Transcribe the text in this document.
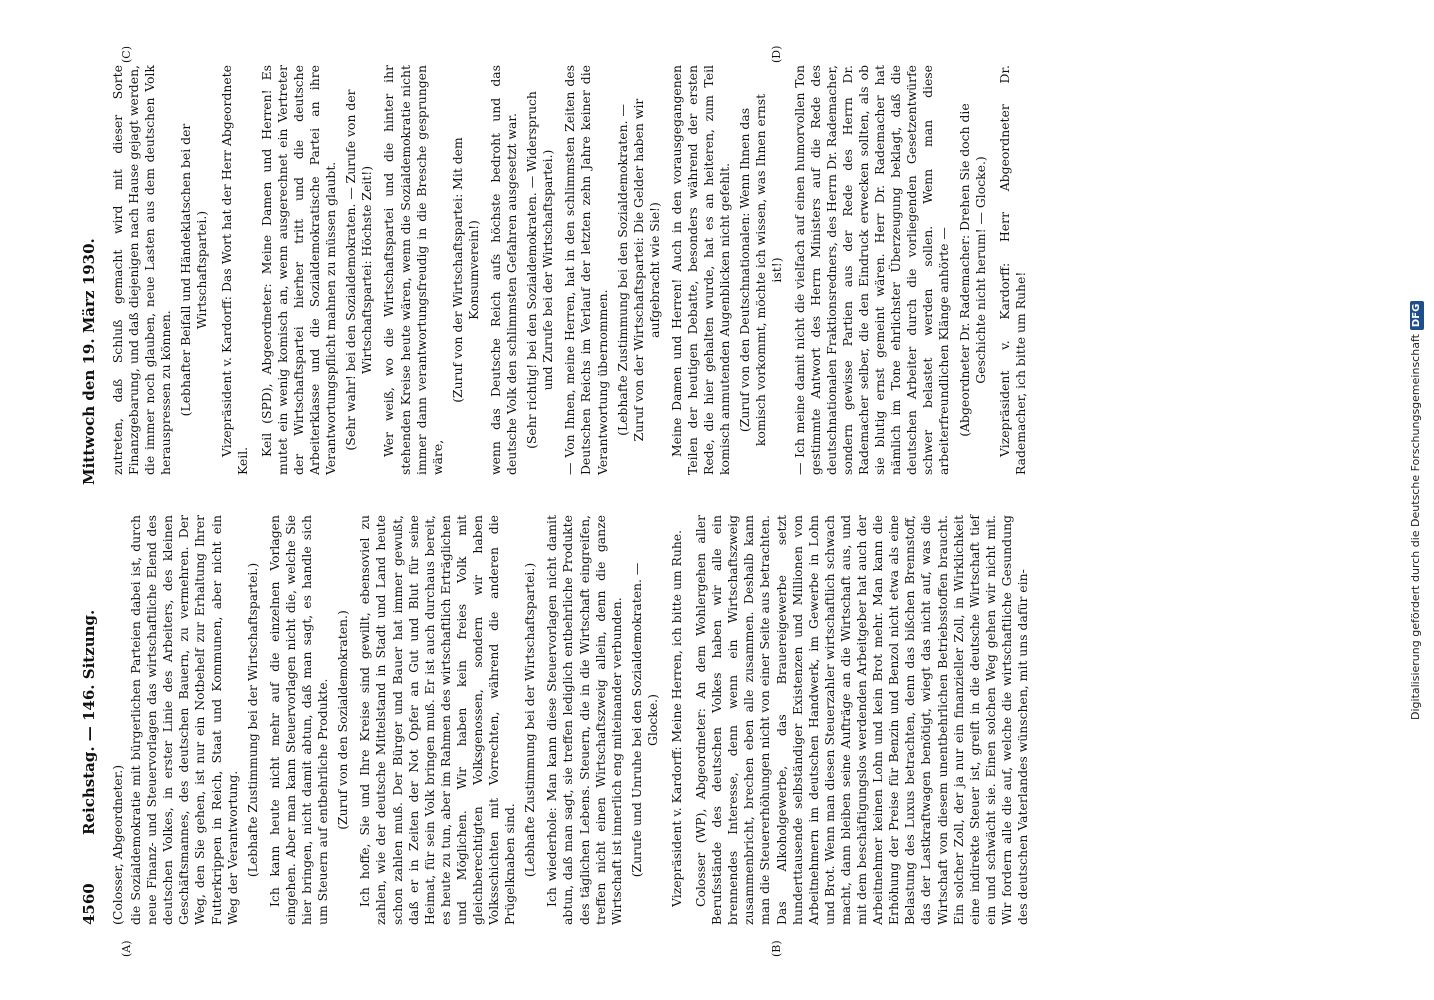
4560
Reichstag. — 146. Sitzung.
Mittwoch den 19. März 1930.
(A)	(B)
(C)	(D)

(Colosser, Abgeordneter.) die Sozialdemokratie mit bürgerlichen Parteien dabei ist, durch neue Finanz- und Steuervorlagen das wirtschaftliche Elend des deutschen Volkes, in erster Linie des Arbeiters, des kleinen Geschäftsmannes, des deutschen Bauern, zu vermehren. Der Weg, den Sie gehen, ist nur ein Notbehelf zur Erhaltung Ihrer Futterkrippen in Reich, Staat und Kommunen, aber nicht ein Weg der Verantwortung. (Lebhafte Zustimmung bei der Wirtschaftspartei.) Ich kann heute nicht mehr auf die einzelnen Vorlagen eingehen. Aber man kann Steuervorlagen nicht die, welche Sie hier bringen, nicht damit abtun, daß man sagt, es handle sich um Steuern auf entbehrliche Produkte. (Zuruf von den Sozialdemokraten.) Ich hoffe, Sie und Ihre Kreise sind gewillt, ebensoviel zu zahlen, wie der deutsche Mittelstand in Stadt und Land heute schon zahlen muß. Der Bürger und Bauer hat immer gewußt, daß er in Zeiten der Not Opfer an Gut und Blut für seine Heimat, für sein Volk bringen muß. Er ist auch durchaus bereit, es heute zu tun, aber im Rahmen des wirtschaftlich Erträglichen und Möglichen. Wir haben kein freies Volk mit gleichberechtigten Volksgenossen, sondern wir haben Volksschichten mit Vorrechten, während die anderen die Prügelknaben sind. (Lebhafte Zustimmung bei der Wirtschaftspartei.) Ich wiederhole: Man kann diese Steuervorlagen nicht damit abtun, daß man sagt, sie treffen lediglich entbehrliche Produkte des täglichen Lebens. Steuern, die in die Wirtschaft eingreifen, treffen nicht einen Wirtschaftszweig allein, denn die ganze Wirtschaft ist innerlich eng miteinander verbunden. (Zurufe und Unruhe bei den Sozialdemokraten. — Glocke.) Vizepräsident v. Kardorff: Meine Herren, ich bitte um Ruhe. Colosser (WP), Abgeordneter: An dem Wohlergehen aller Berufsstände des deutschen Volkes haben wir alle ein brennendes Interesse, denn wenn ein Wirtschaftszweig zusammenbricht, brechen eben alle zusammen. Deshalb kann man die Steuererhöhungen nicht von einer Seite aus betrachten. Das Alkoholgewerbe, das Brauereigewerbe setzt hunderttausende selbständiger Existenzen und Millionen von Arbeitnehmern im deutschen Handwerk, im Gewerbe in Lohn und Brot. Wenn man diesen Steuerzahler wirtschaftlich schwach macht, dann bleiben seine Aufträge an die Wirtschaft aus, und mit dem beschäftigungslos werdenden Arbeitgeber hat auch der Arbeitnehmer keinen Lohn und kein Brot mehr. Man kann die Erhöhung der Preise für Benzin und Benzol nicht etwa als eine Belastung des Luxus betrachten, denn das bißchen Brennstoff, das der Lastkraftwagen benötigt, wiegt das nicht auf, was die Wirtschaft von diesem unentbehrlichen Betriebsstoffen braucht. Ein solcher Zoll, der ja nur ein finanzieller Zoll, in Wirklichkeit eine indirekte Steuer ist, greift in die deutsche Wirtschaft tief ein und schwächt sie. Einen solchen Weg gehen wir nicht mit. Wir fordern alle die auf, welche die wirtschaftliche Gesundung des deutschen Vaterlandes wünschen, mit uns dafür ein-

zutreten, daß Schluß gemacht wird mit dieser Sorte Finanzgebarung, und daß diejenigen nach Hause gejagt werden, die immer noch glauben, neue Lasten aus dem deutschen Volk herauspressen zu können. (Lebhafter Beifall und Händeklatschen bei der Wirtschaftspartei.) Vizepräsident v. Kardorff: Das Wort hat der Herr Abgeordnete Keil.

Keil (SPD), Abgeordneter: Meine Damen und Herren! Es mutet ein wenig komisch an, wenn ausgerechnet ein Vertreter der Wirtschaftspartei hierher tritt und die deutsche Arbeiterklasse und die Sozialdemokratische Partei an ihre Verantwortungspflicht mahnen zu müssen glaubt. (Sehr wahr! bei den Sozialdemokraten. — Zurufe von der Wirtschaftspartei: Höchste Zeit!) Wer weiß, wo die Wirtschaftspartei und die hinter ihr stehenden Kreise heute wären, wenn die Sozialdemokratie nicht immer dann verantwortungsfreudig in die Bresche gesprungen wäre,

(Zuruf von der Wirtschaftspartei: Mit dem Konsumverein!) wenn das Deutsche Reich aufs höchste bedroht und das deutsche Volk den schlimmsten Gefahren ausgesetzt war. (Sehr richtig! bei den Sozialdemokraten. — Widerspruch und Zurufe bei der Wirtschaftspartei.) — Von Ihnen, meine Herren, hat in den schlimmsten Zeiten des Deutschen Reichs im Verlauf der letzten zehn Jahre keiner die Verantwortung übernommen. (Lebhafte Zustimmung bei den Sozialdemokraten. — Zuruf von der Wirtschaftspartei: Die Gelder haben wir aufgebracht wie Sie!) Meine Damen und Herren! Auch in den vorausgegangenen Teilen der heutigen Debatte, besonders während der ersten Rede, die hier gehalten wurde, hat es an heiteren, zum Teil komisch anmutenden Augenblicken nicht gefehlt. (Zuruf von den Deutschnationalen: Wenn Ihnen das komisch vorkommt, möchte ich wissen, was Ihnen ernst ist!) — Ich meine damit nicht die vielfach auf einen humorvollen Ton gestimmte Antwort des Herrn Ministers auf die Rede des deutschnationalen Fraktionsredners, des Herrn Dr. Rademacher, sondern gewisse Partien aus der Rede des Herrn Dr. Rademacher selber, die den Eindruck erwecken sollten, als ob sie blutig ernst gemeint wären. Herr Dr. Rademacher hat nämlich im Tone ehrlichster Überzeugung beklagt, daß die deutschen Arbeiter durch die vorliegenden Gesetzentwürfe schwer belastet werden sollen. Wenn man diese arbeiterfreundlichen Klänge anhörte — (Abgeordneter Dr. Rademacher: Drehen Sie doch die Geschichte nicht herum! — Glocke.) Vizepräsident v. Kardorff: Herr Abgeordneter Dr. Rademacher, ich bitte um Ruhe!	Digitalisierung gefördert durch die Deutsche ForschungsgemeinschaftDFG
